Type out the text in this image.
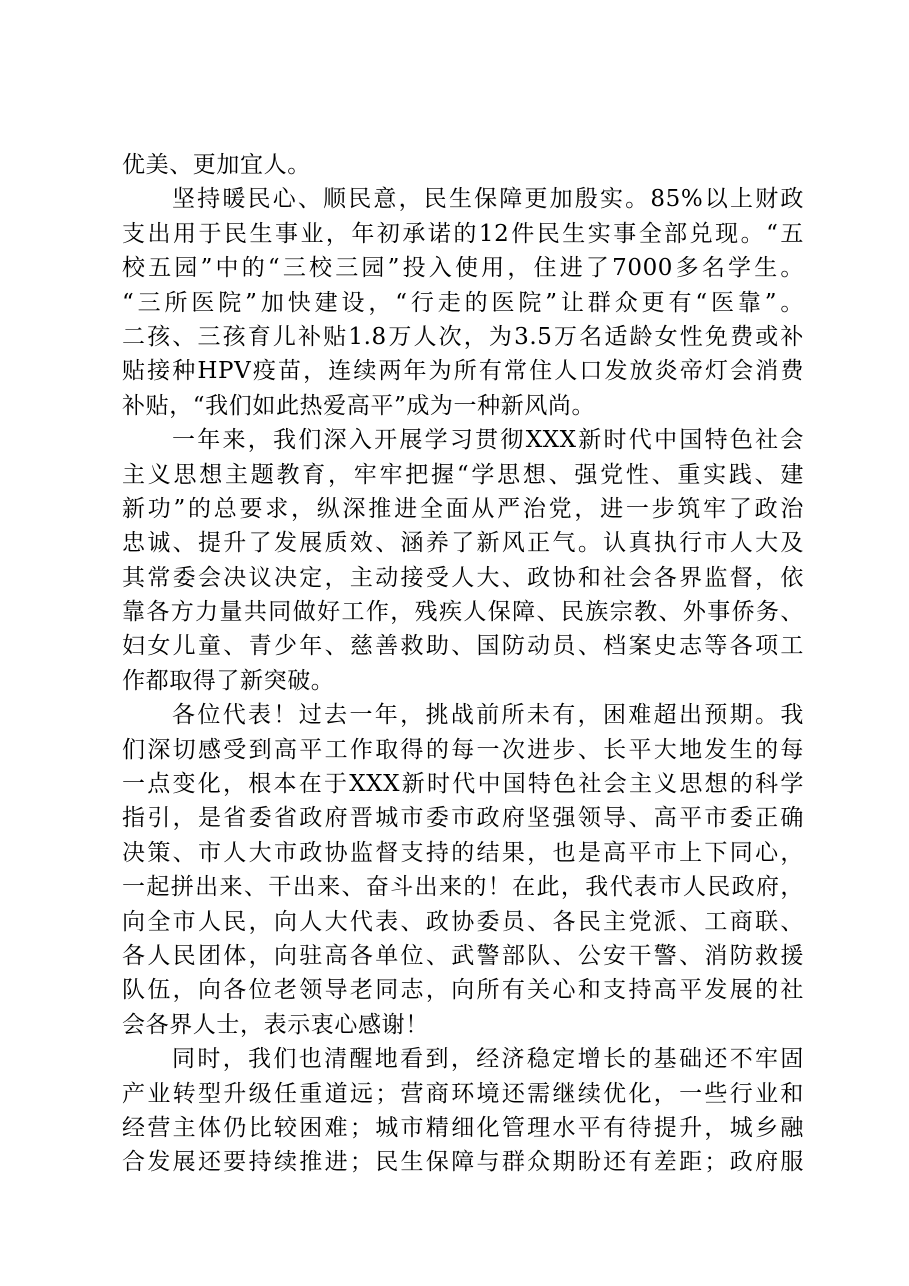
优美、更加宜人。
坚持暖民心、顺民意，民生保障更加殷实。85%以上财政
支出用于民生事业，年初承诺的12件民生实事全部兑现。“五
校五园”中的“三校三园”投入使用，住进了7000多名学生。
“三所医院”加快建设，“行走的医院”让群众更有“医靠”。
二孩、三孩育儿补贴1.8万人次，为3.5万名适龄女性免费或补
贴接种HPV疫苗，连续两年为所有常住人口发放炎帝灯会消费
补贴，“我们如此热爱高平”成为一种新风尚。
一年来，我们深入开展学习贯彻XXX新时代中国特色社会
主义思想主题教育，牢牢把握“学思想、强党性、重实践、建
新功”的总要求，纵深推进全面从严治党，进一步筑牢了政治
忠诚、提升了发展质效、涵养了新风正气。认真执行市人大及
其常委会决议决定，主动接受人大、政协和社会各界监督，依
靠各方力量共同做好工作，残疾人保障、民族宗教、外事侨务、
妇女儿童、青少年、慈善救助、国防动员、档案史志等各项工
作都取得了新突破。
各位代表！过去一年，挑战前所未有，困难超出预期。我
们深切感受到高平工作取得的每一次进步、长平大地发生的每
一点变化，根本在于XXX新时代中国特色社会主义思想的科学
指引，是省委省政府晋城市委市政府坚强领导、高平市委正确
决策、市人大市政协监督支持的结果，也是高平市上下同心，
一起拼出来、干出来、奋斗出来的！在此，我代表市人民政府，
向全市人民，向人大代表、政协委员、各民主党派、工商联、
各人民团体，向驻高各单位、武警部队、公安干警、消防救援
队伍，向各位老领导老同志，向所有关心和支持高平发展的社
会各界人士，表示衷心感谢！
同时，我们也清醒地看到，经济稳定增长的基础还不牢固
产业转型升级任重道远；营商环境还需继续优化，一些行业和
经营主体仍比较困难；城市精细化管理水平有待提升，城乡融
合发展还要持续推进；民生保障与群众期盼还有差距；政府服
